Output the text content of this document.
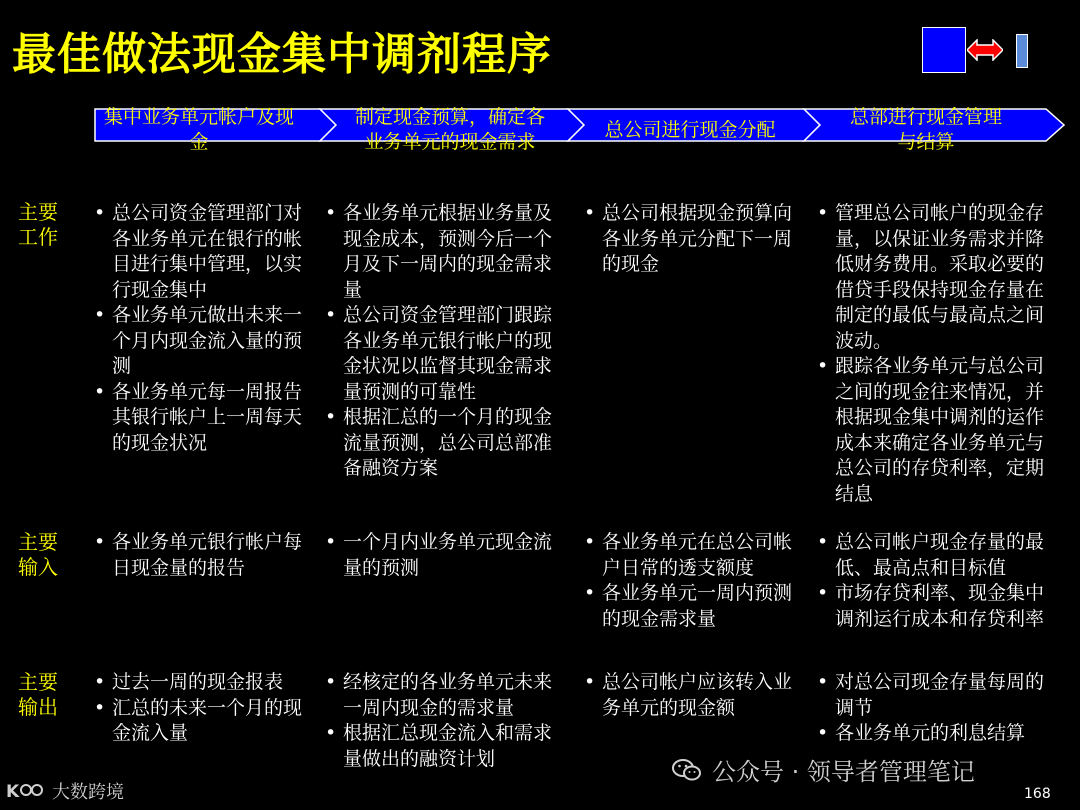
最佳做法现金集中调剂程序
集中业务单元帐户及现金
制定现金预算，确定各业务单元的现金需求
总公司进行现金分配
总部进行现金管理与结算
主要工作
主要输入
主要输出
• 总公司资金管理部门对各业务单元在银行的帐目进行集中管理，以实行现金集中
• 各业务单元做出未来一个月内现金流入量的预测
• 各业务单元每一周报告其银行帐户上一周每天的现金状况
• 各业务单元根据业务量及现金成本，预测今后一个月及下一周内的现金需求量
• 总公司资金管理部门跟踪各业务单元银行帐户的现金状况以监督其现金需求量预测的可靠性
• 根据汇总的一个月的现金流量预测，总公司总部准备融资方案
• 总公司根据现金预算向各业务单元分配下一周的现金
• 管理总公司帐户的现金存量，以保证业务需求并降低财务费用。采取必要的借贷手段保持现金存量在制定的最低与最高点之间波动。
• 跟踪各业务单元与总公司之间的现金往来情况，并根据现金集中调剂的运作成本来确定各业务单元与总公司的存贷利率，定期结息
• 各业务单元银行帐户每日现金量的报告
• 一个月内业务单元现金流量的预测
• 各业务单元在总公司帐户日常的透支额度
• 各业务单元一周内预测的现金需求量
• 总公司帐户现金存量的最低、最高点和目标值
• 市场存贷利率、现金集中调剂运行成本和存贷利率
• 过去一周的现金报表
• 汇总的未来一个月的现金流入量
• 经核定的各业务单元未来一周内现金的需求量
• 根据汇总现金流入和需求量做出的融资计划
• 总公司帐户应该转入业务单元的现金额
• 对总公司现金存量每周的调节
• 各业务单元的利息结算
公众号 · 领导者管理笔记
K 大数跨境	168
